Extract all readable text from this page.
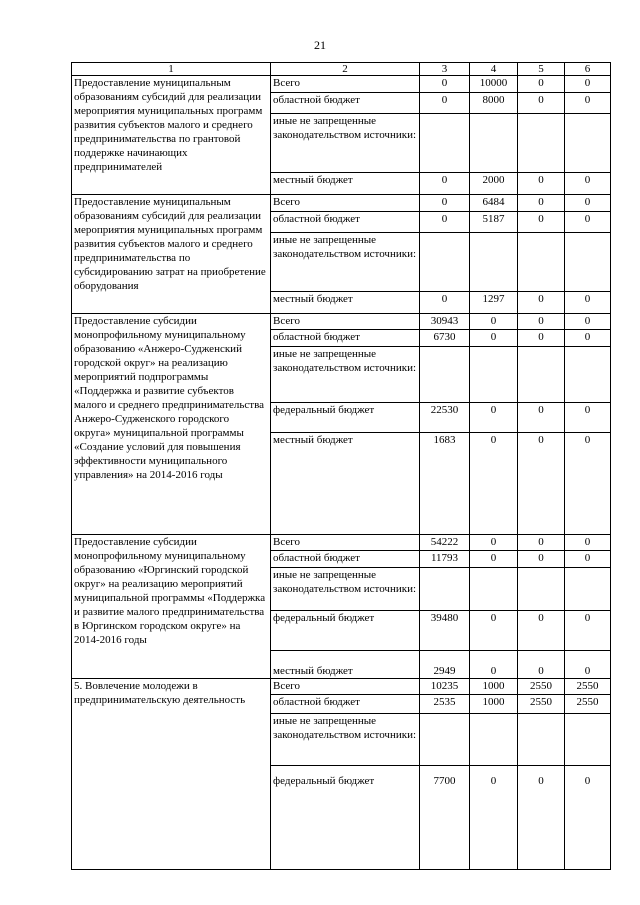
21
1	2	3	4	5	6
Предоставление муниципальным образованиям субсидий для реализации мероприятия муниципальных программ развития субъектов малого и среднего предпринимательства по грантовой поддержке начинающих предпринимателей	Всего	0	10000	0	0
	областной бюджет	0	8000	0	0
	иные не запрещенные законодательством источники:				
	местный бюджет	0	2000	0	0
Предоставление муниципальным образованиям субсидий для реализации мероприятия муниципальных программ развития субъектов малого и среднего предпринимательства по субсидированию затрат на приобретение оборудования	Всего	0	6484	0	0
	областной бюджет	0	5187	0	0
	иные не запрещенные законодательством источники:				
	местный бюджет	0	1297	0	0
Предоставление субсидии монопрофильному муниципальному образованию «Анжеро-Судженский городской округ» на реализацию мероприятий подпрограммы «Поддержка и развитие субъектов малого и среднего предпринимательства Анжеро-Судженского городского округа» муниципальной программы «Создание условий для повышения эффективности муниципального управления» на 2014-2016 годы	Всего	30943	0	0	0
	областной бюджет	6730	0	0	0
	иные не запрещенные законодательством источники:				
	федеральный бюджет	22530	0	0	0
	местный бюджет	1683	0	0	0
Предоставление субсидии монопрофильному муниципальному образованию «Юргинский городской округ» на реализацию мероприятий муниципальной программы «Поддержка и развитие малого предпринимательства в Юргинском городском округе» на 2014-2016 годы	Всего	54222	0	0	0
	областной бюджет	11793	0	0	0
	иные не запрещенные законодательством источники:				
	федеральный бюджет	39480	0	0	0
	местный бюджет	2949	0	0	0
5. Вовлечение молодежи в предпринимательскую деятельность	Всего	10235	1000	2550	2550
	областной бюджет	2535	1000	2550	2550
	иные не запрещенные законодательством источники:				
	федеральный бюджет	7700	0	0	0
